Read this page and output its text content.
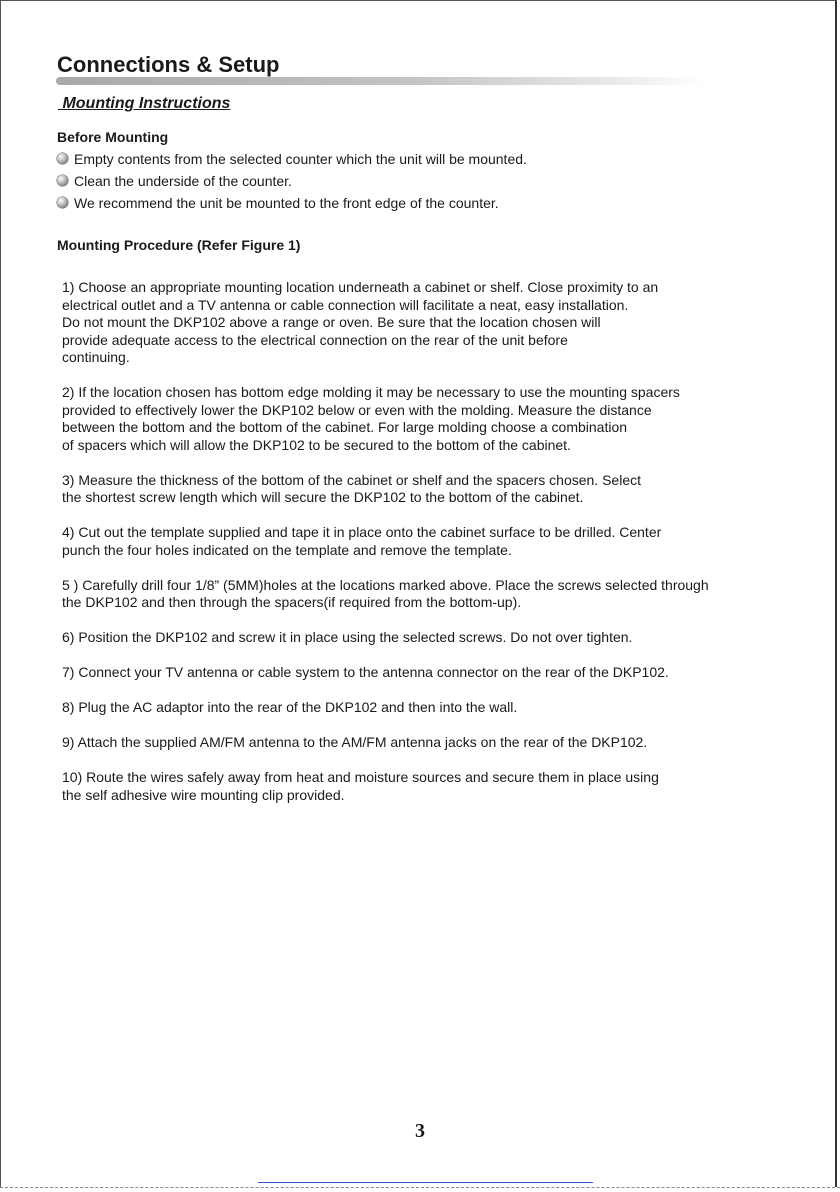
Connections & Setup
Mounting Instructions
Before Mounting
Empty contents from the selected counter which the unit will be mounted.
Clean the underside of the counter.
We recommend the unit be mounted to the front edge of the counter.
Mounting Procedure (Refer Figure 1)

1) Choose an appropriate mounting location underneath a cabinet or shelf. Close proximity to an
electrical outlet and a TV antenna or cable connection will facilitate a neat, easy installation.
Do not mount the DKP102 above a range or oven. Be sure that the location chosen will
provide adequate access to the electrical connection on the rear of the unit before
continuing.

2) If the location chosen has bottom edge molding it may be necessary to use the mounting spacers
provided to effectively lower the DKP102 below or even with the molding. Measure the distance
between the bottom and the bottom of the cabinet. For large molding choose a combination
of spacers which will allow the DKP102 to be secured to the bottom of the cabinet.

3) Measure the thickness of the bottom of the cabinet or shelf and the spacers chosen. Select
the shortest screw length which will secure the DKP102 to the bottom of the cabinet.

4) Cut out the template supplied and tape it in place onto the cabinet surface to be drilled. Center
punch the four holes indicated on the template and remove the template.

5 ) Carefully drill four 1/8” (5MM)holes at the locations marked above. Place the screws selected through
the DKP102 and then through the spacers(if required from the bottom-up).

6) Position the DKP102 and screw it in place using the selected screws. Do not over tighten.

7) Connect your TV antenna or cable system to the antenna connector on the rear of the DKP102.

8) Plug the AC adaptor into the rear of the DKP102 and then into the wall.

9) Attach the supplied AM/FM antenna to the AM/FM antenna jacks on the rear of the DKP102.

10) Route the wires safely away from heat and moisture sources and secure them in place using
the self adhesive wire mounting clip provided.

3
